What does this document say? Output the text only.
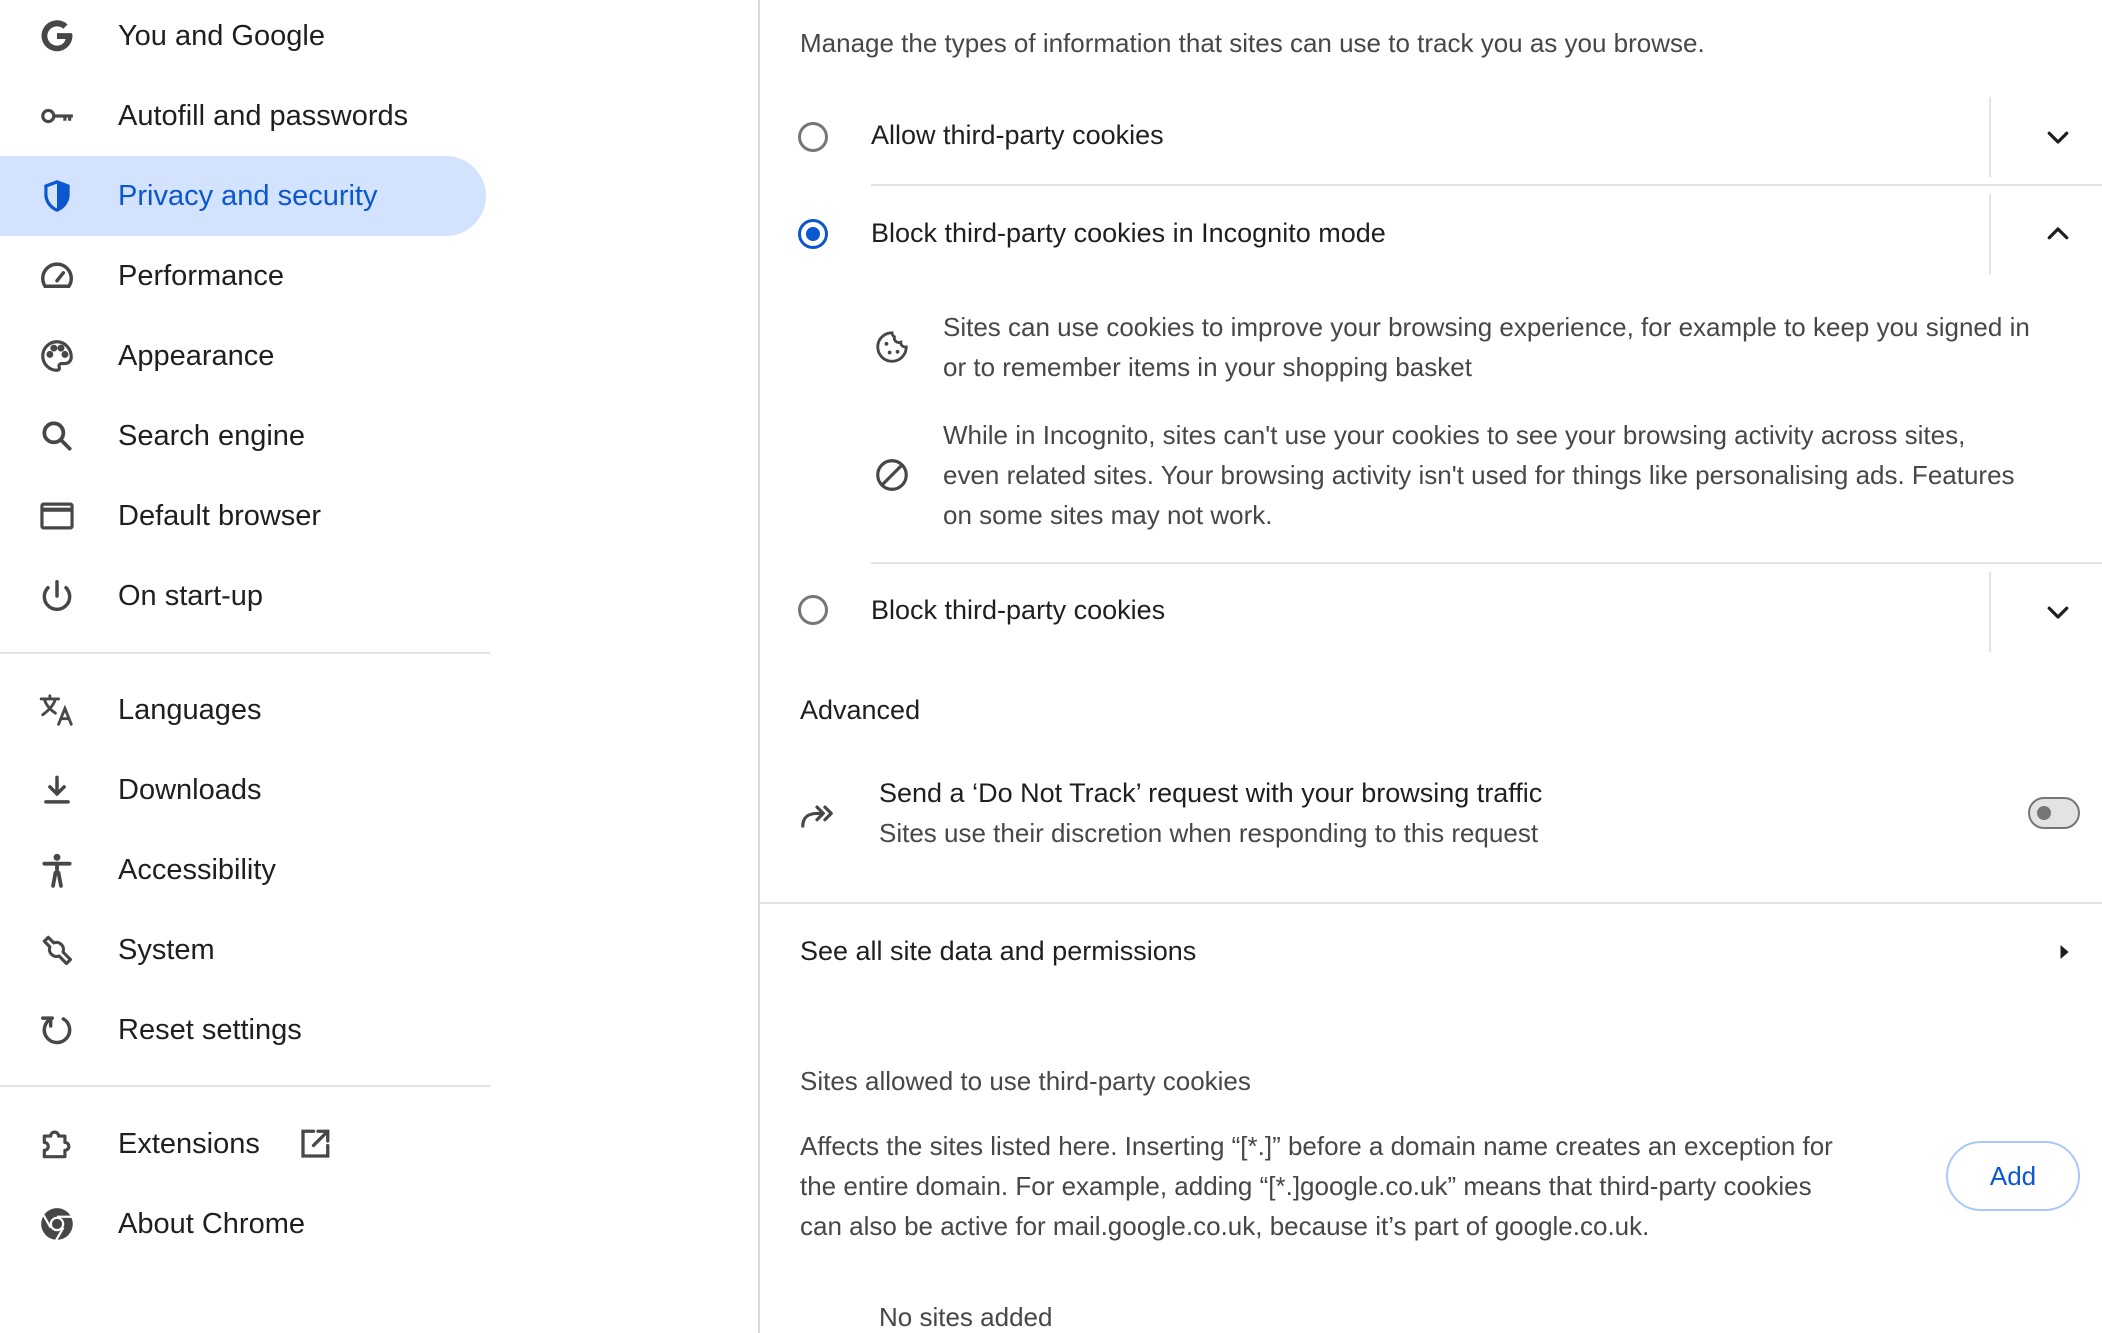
You and Google
Autofill and passwords
Privacy and security
Performance
Appearance
Search engine
Default browser
On start-up
Languages
Downloads
Accessibility
System
Reset settings
Extensions
About Chrome
Manage the types of information that sites can use to track you as you browse.
Allow third-party cookies
Block third-party cookies in Incognito mode
Sites can use cookies to improve your browsing experience, for example to keep you signed in
or to remember items in your shopping basket
While in Incognito, sites can't use your cookies to see your browsing activity across sites,
even related sites. Your browsing activity isn't used for things like personalising ads. Features
on some sites may not work.
Block third-party cookies
Advanced
Send a ‘Do Not Track’ request with your browsing traffic
Sites use their discretion when responding to this request
See all site data and permissions
Sites allowed to use third-party cookies
Affects the sites listed here. Inserting “[*.]” before a domain name creates an exception for
the entire domain. For example, adding “[*.]google.co.uk” means that third-party cookies
can also be active for mail.google.co.uk, because it’s part of google.co.uk.
Add
No sites added
